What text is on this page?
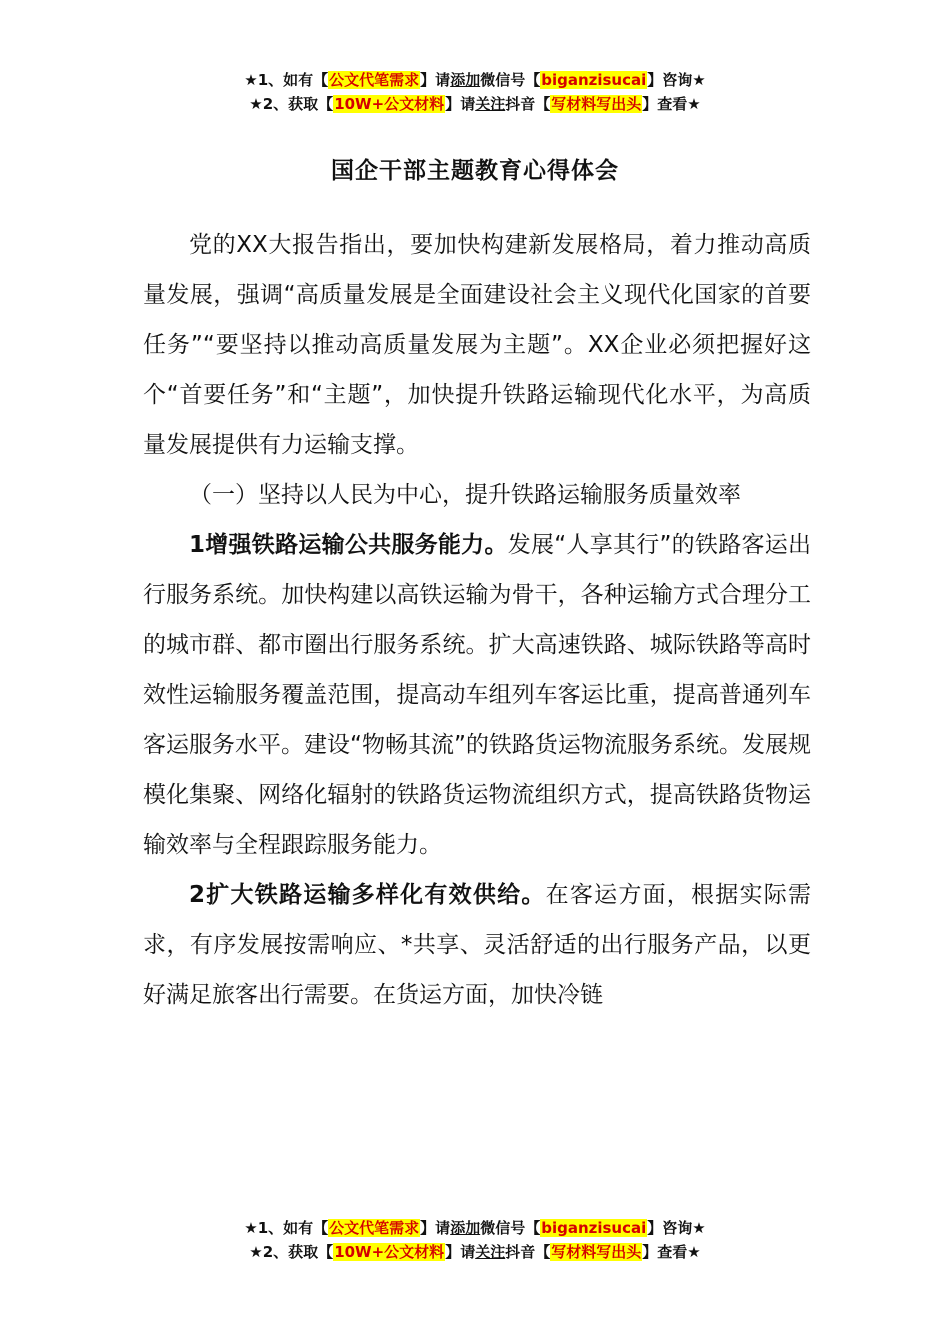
★1、如有【公文代笔需求】请添加微信号【biganzisucai】咨询★
★2、获取【10W+公文材料】请关注抖音【写材料写出头】查看★
国企干部主题教育心得体会

党的XX大报告指出，要加快构建新发展格局，着力推动高质量发展，强调“高质量发展是全面建设社会主义现代化国家的首要任务”“要坚持以推动高质量发展为主题”。XX企业必须把握好这个“首要任务”和“主题”，加快提升铁路运输现代化水平，为高质量发展提供有力运输支撑。

（一）坚持以人民为中心，提升铁路运输服务质量效率

1增强铁路运输公共服务能力。发展“人享其行”的铁路客运出行服务系统。加快构建以高铁运输为骨干，各种运输方式合理分工的城市群、都市圈出行服务系统。扩大高速铁路、城际铁路等高时效性运输服务覆盖范围，提高动车组列车客运比重，提高普通列车客运服务水平。建设“物畅其流”的铁路货运物流服务系统。发展规模化集聚、网络化辐射的铁路货运物流组织方式，提高铁路货物运输效率与全程跟踪服务能力。

2扩大铁路运输多样化有效供给。在客运方面，根据实际需求，有序发展按需响应、*共享、灵活舒适的出行服务产品，以更好满足旅客出行需要。在货运方面，加快冷链

★1、如有【公文代笔需求】请添加微信号【biganzisucai】咨询★
★2、获取【10W+公文材料】请关注抖音【写材料写出头】查看★
